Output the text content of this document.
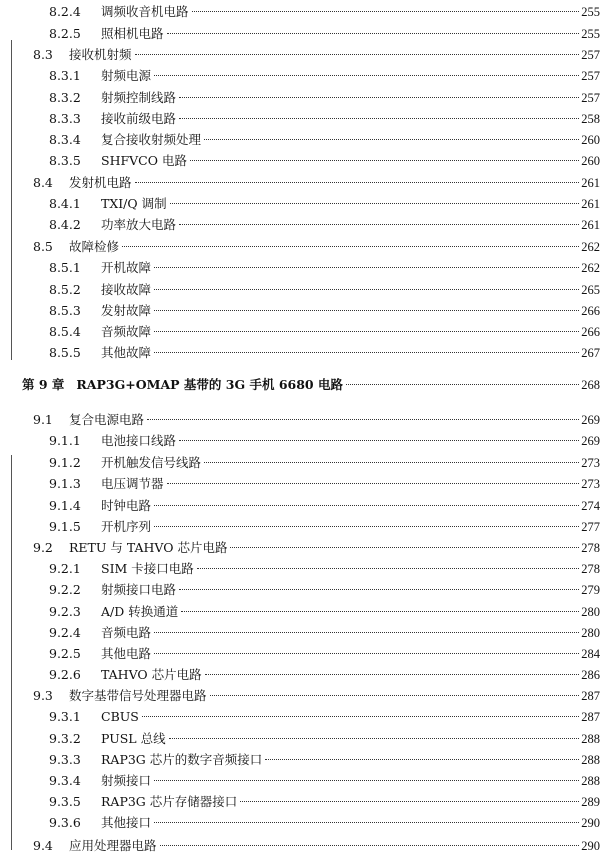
8.2.4	调频收音机电路	255
8.2.5	照相机电路	255
8.3	接收机射频	257
8.3.1	射频电源	257
8.3.2	射频控制线路	257
8.3.3	接收前级电路	258
8.3.4	复合接收射频处理	260
8.3.5	SHFVCO 电路	260
8.4	发射机电路	261
8.4.1	TXI/Q 调制	261
8.4.2	功率放大电路	261
8.5	故障检修	262
8.5.1	开机故障	262
8.5.2	接收故障	265
8.5.3	发射故障	266
8.5.4	音频故障	266
8.5.5	其他故障	267
第 9 章 RAP3G+OMAP 基带的 3G 手机 6680 电路	268
9.1	复合电源电路	269
9.1.1	电池接口线路	269
9.1.2	开机触发信号线路	273
9.1.3	电压调节器	273
9.1.4	时钟电路	274
9.1.5	开机序列	277
9.2	RETU 与 TAHVO 芯片电路	278
9.2.1	SIM 卡接口电路	278
9.2.2	射频接口电路	279
9.2.3	A/D 转换通道	280
9.2.4	音频电路	280
9.2.5	其他电路	284
9.2.6	TAHVO 芯片电路	286
9.3	数字基带信号处理器电路	287
9.3.1	CBUS	287
9.3.2	PUSL 总线	288
9.3.3	RAP3G 芯片的数字音频接口	288
9.3.4	射频接口	288
9.3.5	RAP3G 芯片存储器接口	289
9.3.6	其他接口	290
9.4	应用处理器电路	290
